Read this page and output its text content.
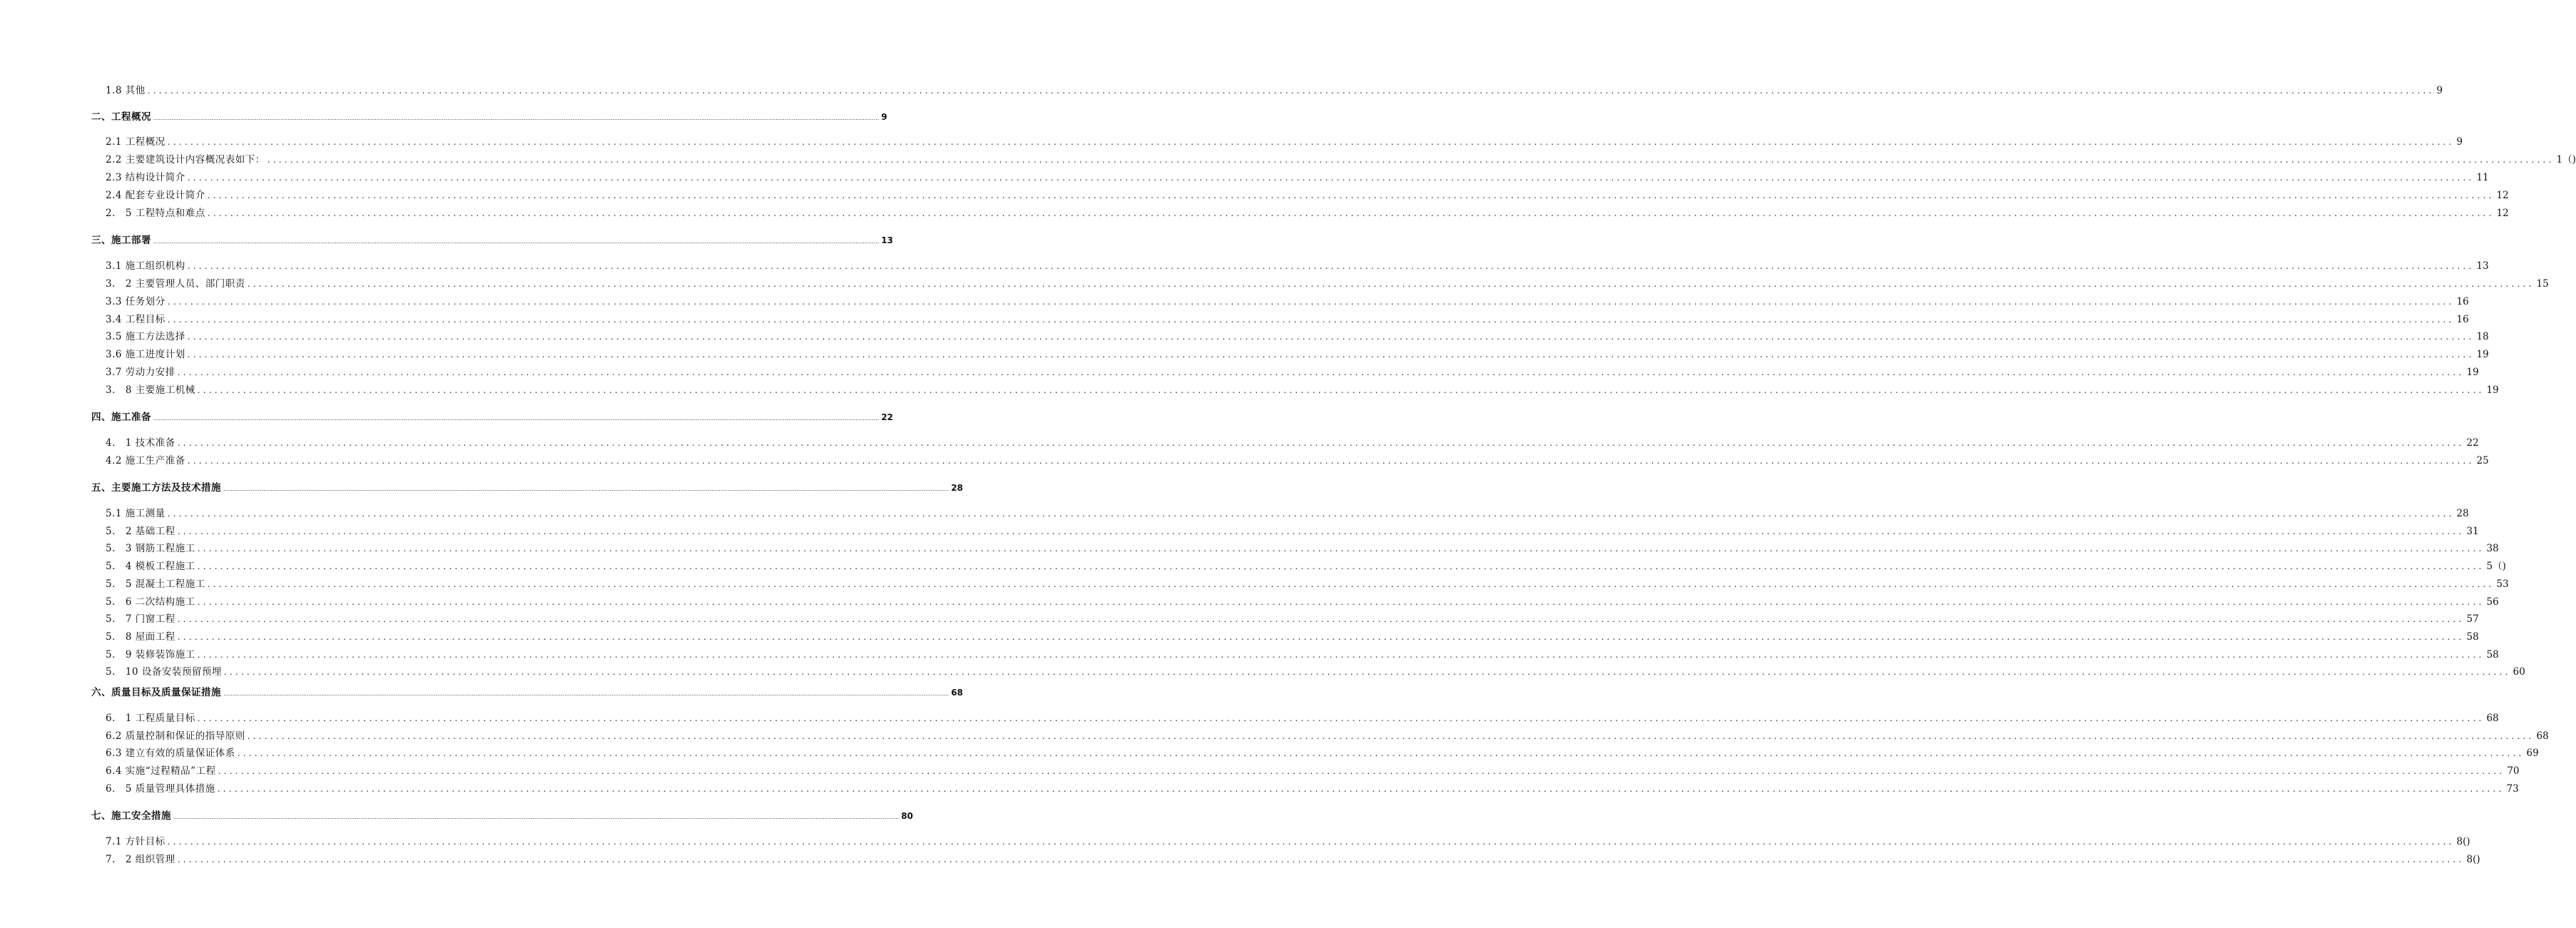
1.8 其他 ................................................................................................................................................................................................................................................................................................................................................................................................................ 9
二、工程概况 ................................................................................................................................................................................................................................................................................................................................................................................................................ 9
2.1 工程概况 ................................................................................................................................................................................................................................................................................................................................................................................................................ 9
2.2 主要建筑设计内容概况表如下： ................................................................................................................................................................................................................................................................................................................................................................................................................ 1（)
2.3 结构设计简介 ................................................................................................................................................................................................................................................................................................................................................................................................................ 11
2.4 配套专业设计简介 ................................................................................................................................................................................................................................................................................................................................................................................................................ 12
2.　5 工程特点和难点 ................................................................................................................................................................................................................................................................................................................................................................................................................ 12
三、施工部署 ................................................................................................................................................................................................................................................................................................................................................................................................................ 13
3.1 施工组织机构 ................................................................................................................................................................................................................................................................................................................................................................................................................ 13
3.　2 主要管理人员、部门职责 ................................................................................................................................................................................................................................................................................................................................................................................................................ 15
3.3 任务划分 ................................................................................................................................................................................................................................................................................................................................................................................................................ 16
3.4 工程目标 ................................................................................................................................................................................................................................................................................................................................................................................................................ 16
3.5 施工方法选择 ................................................................................................................................................................................................................................................................................................................................................................................................................ 18
3.6 施工进度计划 ................................................................................................................................................................................................................................................................................................................................................................................................................ 19
3.7 劳动力安排 ................................................................................................................................................................................................................................................................................................................................................................................................................ 19
3.　8 主要施工机械 ................................................................................................................................................................................................................................................................................................................................................................................................................ 19
四、施工准备 ................................................................................................................................................................................................................................................................................................................................................................................................................ 22
4.　1 技术准备 ................................................................................................................................................................................................................................................................................................................................................................................................................ 22
4.2 施工生产准备 ................................................................................................................................................................................................................................................................................................................................................................................................................ 25
五、主要施工方法及技术措施 ................................................................................................................................................................................................................................................................................................................................................................................................................ 28
5.1 施工测量 ................................................................................................................................................................................................................................................................................................................................................................................................................ 28
5.　2 基础工程 ................................................................................................................................................................................................................................................................................................................................................................................................................ 31
5.　3 钢筋工程施工 ................................................................................................................................................................................................................................................................................................................................................................................................................ 38
5.　4 模板工程施工 ................................................................................................................................................................................................................................................................................................................................................................................................................ 5（)
5.　5 混凝土工程施工 ................................................................................................................................................................................................................................................................................................................................................................................................................ 53
5.　6 二次结构施工 ................................................................................................................................................................................................................................................................................................................................................................................................................ 56
5.　7 门窗工程 ................................................................................................................................................................................................................................................................................................................................................................................................................ 57
5.　8 屋面工程 ................................................................................................................................................................................................................................................................................................................................................................................................................ 58
5.　9 装修装饰施工 ................................................................................................................................................................................................................................................................................................................................................................................................................ 58
5.　10 设备安装预留预埋 ................................................................................................................................................................................................................................................................................................................................................................................................................ 60
六、质量目标及质量保证措施 ................................................................................................................................................................................................................................................................................................................................................................................................................ 68
6.　1 工程质量目标 ................................................................................................................................................................................................................................................................................................................................................................................................................ 68
6.2 质量控制和保证的指导原则 ................................................................................................................................................................................................................................................................................................................................................................................................................ 68
6.3 建立有效的质量保证体系 ................................................................................................................................................................................................................................................................................................................................................................................................................ 69
6.4 实施“过程精品”工程 ................................................................................................................................................................................................................................................................................................................................................................................................................ 70
6.　5 质量管理具体措施 ................................................................................................................................................................................................................................................................................................................................................................................................................ 73
七、施工安全措施 ................................................................................................................................................................................................................................................................................................................................................................................................................ 80
7.1 方针目标 ................................................................................................................................................................................................................................................................................................................................................................................................................ 8()
7.　2 组织管理 ................................................................................................................................................................................................................................................................................................................................................................................................................ 8()
